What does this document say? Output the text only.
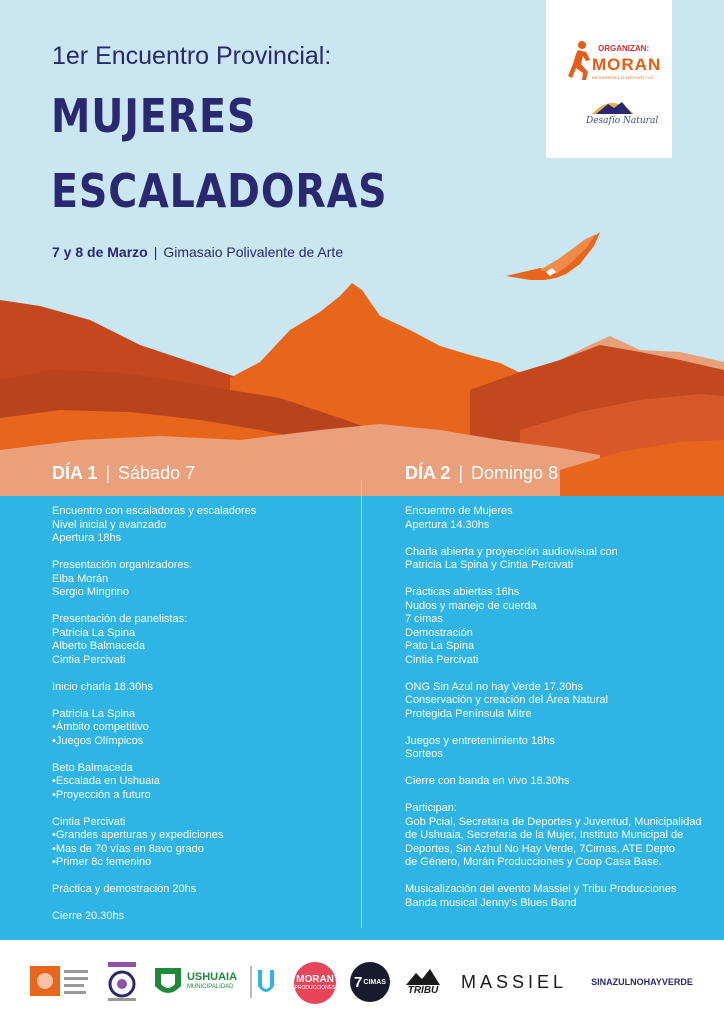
1er Encuentro Provincial:
MUJERES
ESCALADORAS
7 y 8 de Marzo | Gimasaio Polivalente de Arte
ORGANIZAN:
MORAN
DESARROLLO DEPORTIVO
Desafío Natural
DÍA 1 | Sábado 7	DÍA 2 | Domingo 8
Encuentro con escaladoras y escaladores
Nivel inicial y avanzado
Apertura 18hs
Presentación organizadores:
Elba Morán
Sergio Mingrino
Presentación de panelistas:
Patricia La Spina
Alberto Balmaceda
Cintia Percivati
Inicio charla 18.30hs
Patricia La Spina
•Ámbito competitivo
•Juegos Olímpicos
Beto Balmaceda
•Escalada en Ushuaia
•Proyección a futuro
Cintia Percivati
•Grandes aperturas y expediciones
•Mas de 70 vías en 8avo grado
•Primer 8c femenino
Práctica y demostración 20hs
Cierre 20.30hs
Encuentro de Mujeres
Apertura 14.30hs
Charla abierta y proyección audiovisual con
Patricia La Spina y Cintia Percivati
Prácticas abiertas 16hs
Nudos y manejo de cuerda
7 cimas
Demostración
Pato La Spina
Cintia Percivati
ONG Sin Azul no hay Verde 17.30hs
Conservación y creación del Área Natural
Protegida Península Mitre
Juegos y entretenimiento 18hs
Sorteos
Cierre con banda en vivo 18.30hs
Participan:
Gob Pcial, Secretaria de Deportes y Juventud, Municipalidad
de Ushuaia, Secretaria de la Mujer, Instituto Municipal de
Deportes, Sin Azhul No Hay Verde, 7Cimas, ATE Depto
de Género, Morán Producciones y Coop Casa Base.
Musicalización del evento Massiel y Tribu Producciones
Banda musical Jenny's Blues Band
USHUAIA
MUNICIPALIDAD
MORAN
PRODUCCIONES 7 CIMAS
TRIBU MASSIEL	SINAZULNOHAYVERDE
